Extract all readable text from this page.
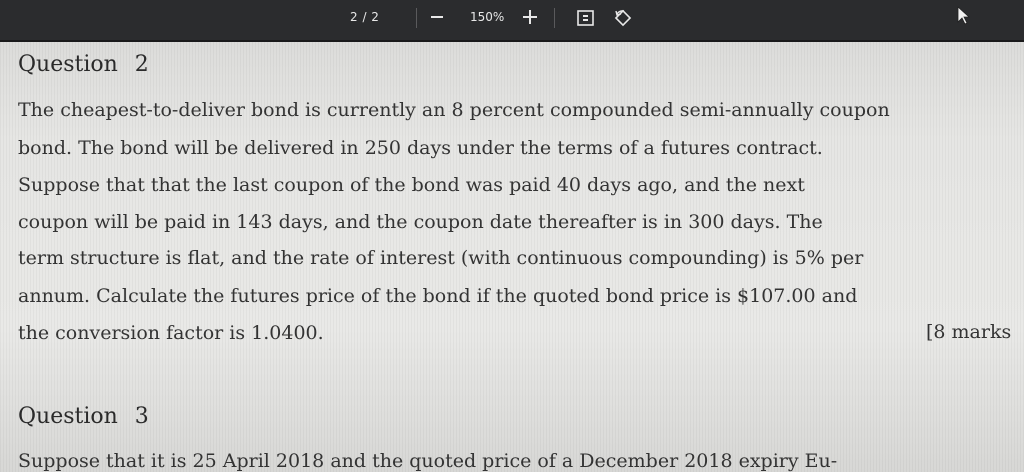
2 / 2	150%
Question 2
The cheapest-to-deliver bond is currently an 8 percent compounded semi-annually coupon
bond. The bond will be delivered in 250 days under the terms of a futures contract.
Suppose that that the last coupon of the bond was paid 40 days ago, and the next
coupon will be paid in 143 days, and the coupon date thereafter is in 300 days. The
term structure is flat, and the rate of interest (with continuous compounding) is 5% per
annum. Calculate the futures price of the bond if the quoted bond price is $107.00 and
the conversion factor is 1.0400.	[8 marks
Question 3
Suppose that it is 25 April 2018 and the quoted price of a December 2018 expiry Eu-
